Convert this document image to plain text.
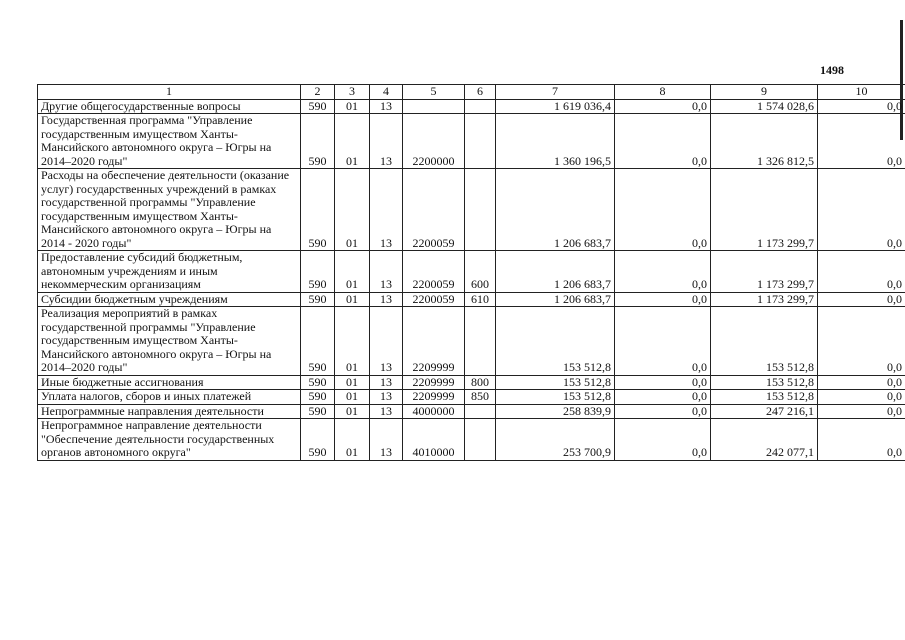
1498
1	2	3	4	5	6	7	8	9	10
Другие общегосударственные вопросы	590	01	13			1 619 036,4	0,0	1 574 028,6	0,0
Государственная программа "Управление государственным имуществом Ханты-Мансийского автономного округа – Югры на 2014–2020 годы"	590	01	13	2200000		1 360 196,5	0,0	1 326 812,5	0,0
Расходы на обеспечение деятельности (оказание услуг) государственных учреждений в рамках государственной программы "Управление государственным имуществом Ханты-Мансийского автономного округа – Югры на 2014 - 2020 годы"	590	01	13	2200059		1 206 683,7	0,0	1 173 299,7	0,0
Предоставление субсидий бюджетным, автономным учреждениям и иным некоммерческим организациям	590	01	13	2200059	600	1 206 683,7	0,0	1 173 299,7	0,0
Субсидии бюджетным учреждениям	590	01	13	2200059	610	1 206 683,7	0,0	1 173 299,7	0,0
Реализация мероприятий в рамках государственной программы "Управление государственным имуществом Ханты-Мансийского автономного округа – Югры на 2014–2020 годы"	590	01	13	2209999		153 512,8	0,0	153 512,8	0,0
Иные бюджетные ассигнования	590	01	13	2209999	800	153 512,8	0,0	153 512,8	0,0
Уплата налогов, сборов и иных платежей	590	01	13	2209999	850	153 512,8	0,0	153 512,8	0,0
Непрограммные направления деятельности	590	01	13	4000000		258 839,9	0,0	247 216,1	0,0
Непрограммное направление деятельности "Обеспечение деятельности государственных органов автономного округа"	590	01	13	4010000		253 700,9	0,0	242 077,1	0,0
